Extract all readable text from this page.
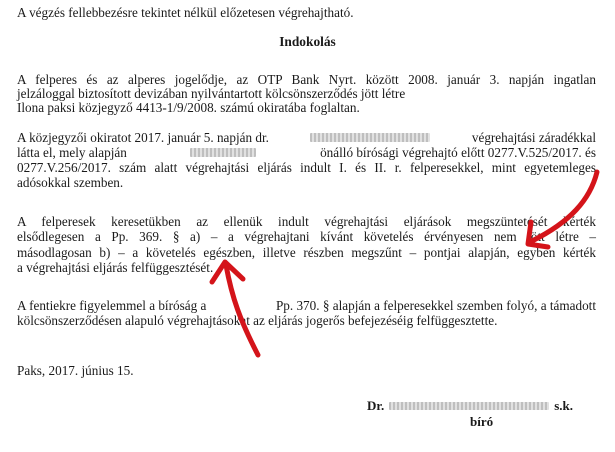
A végzés fellebbezésre tekintet nélkül előzetesen végrehajtható.
Indokolás
A felperes és az alperes jogelődje, az OTP Bank Nyrt. között 2008. január 3. napján ingatlan
jelzáloggal biztosított devizában nyilvántartott kölcsönszerződés jött létre
Ilona paksi közjegyző 4413-1/9/2008. számú okiratába foglaltan.
A közjegyzői okiratot 2017. január 5. napján dr.	végrehajtási záradékkal
látta el, mely alapján	önálló bírósági végrehajtó előtt 0277.V.525/2017. és
0277.V.256/2017. szám alatt végrehajtási eljárás indult I. és II. r. felperesekkel, mint egyetemleges
adósokkal szemben.
A felperesek keresetükben az ellenük indult végrehajtási eljárások megszüntetését kérték
elsődlegesen a Pp. 369. § a) – a végrehajtani kívánt követelés érvényesen nem jött létre –
másodlagosan b) – a követelés egészben, illetve részben megszűnt – pontjai alapján, egyben kérték
a végrehajtási eljárás felfüggesztését.
A fentiekre figyelemmel a bíróság a	Pp. 370. § alapján a felperesekkel szemben folyó, a támadott
kölcsönszerződésen alapuló végrehajtásokat az eljárás jogerős befejezéséig felfüggesztette.
Paks, 2017. június 15.
Dr.	s.k.
bíró
